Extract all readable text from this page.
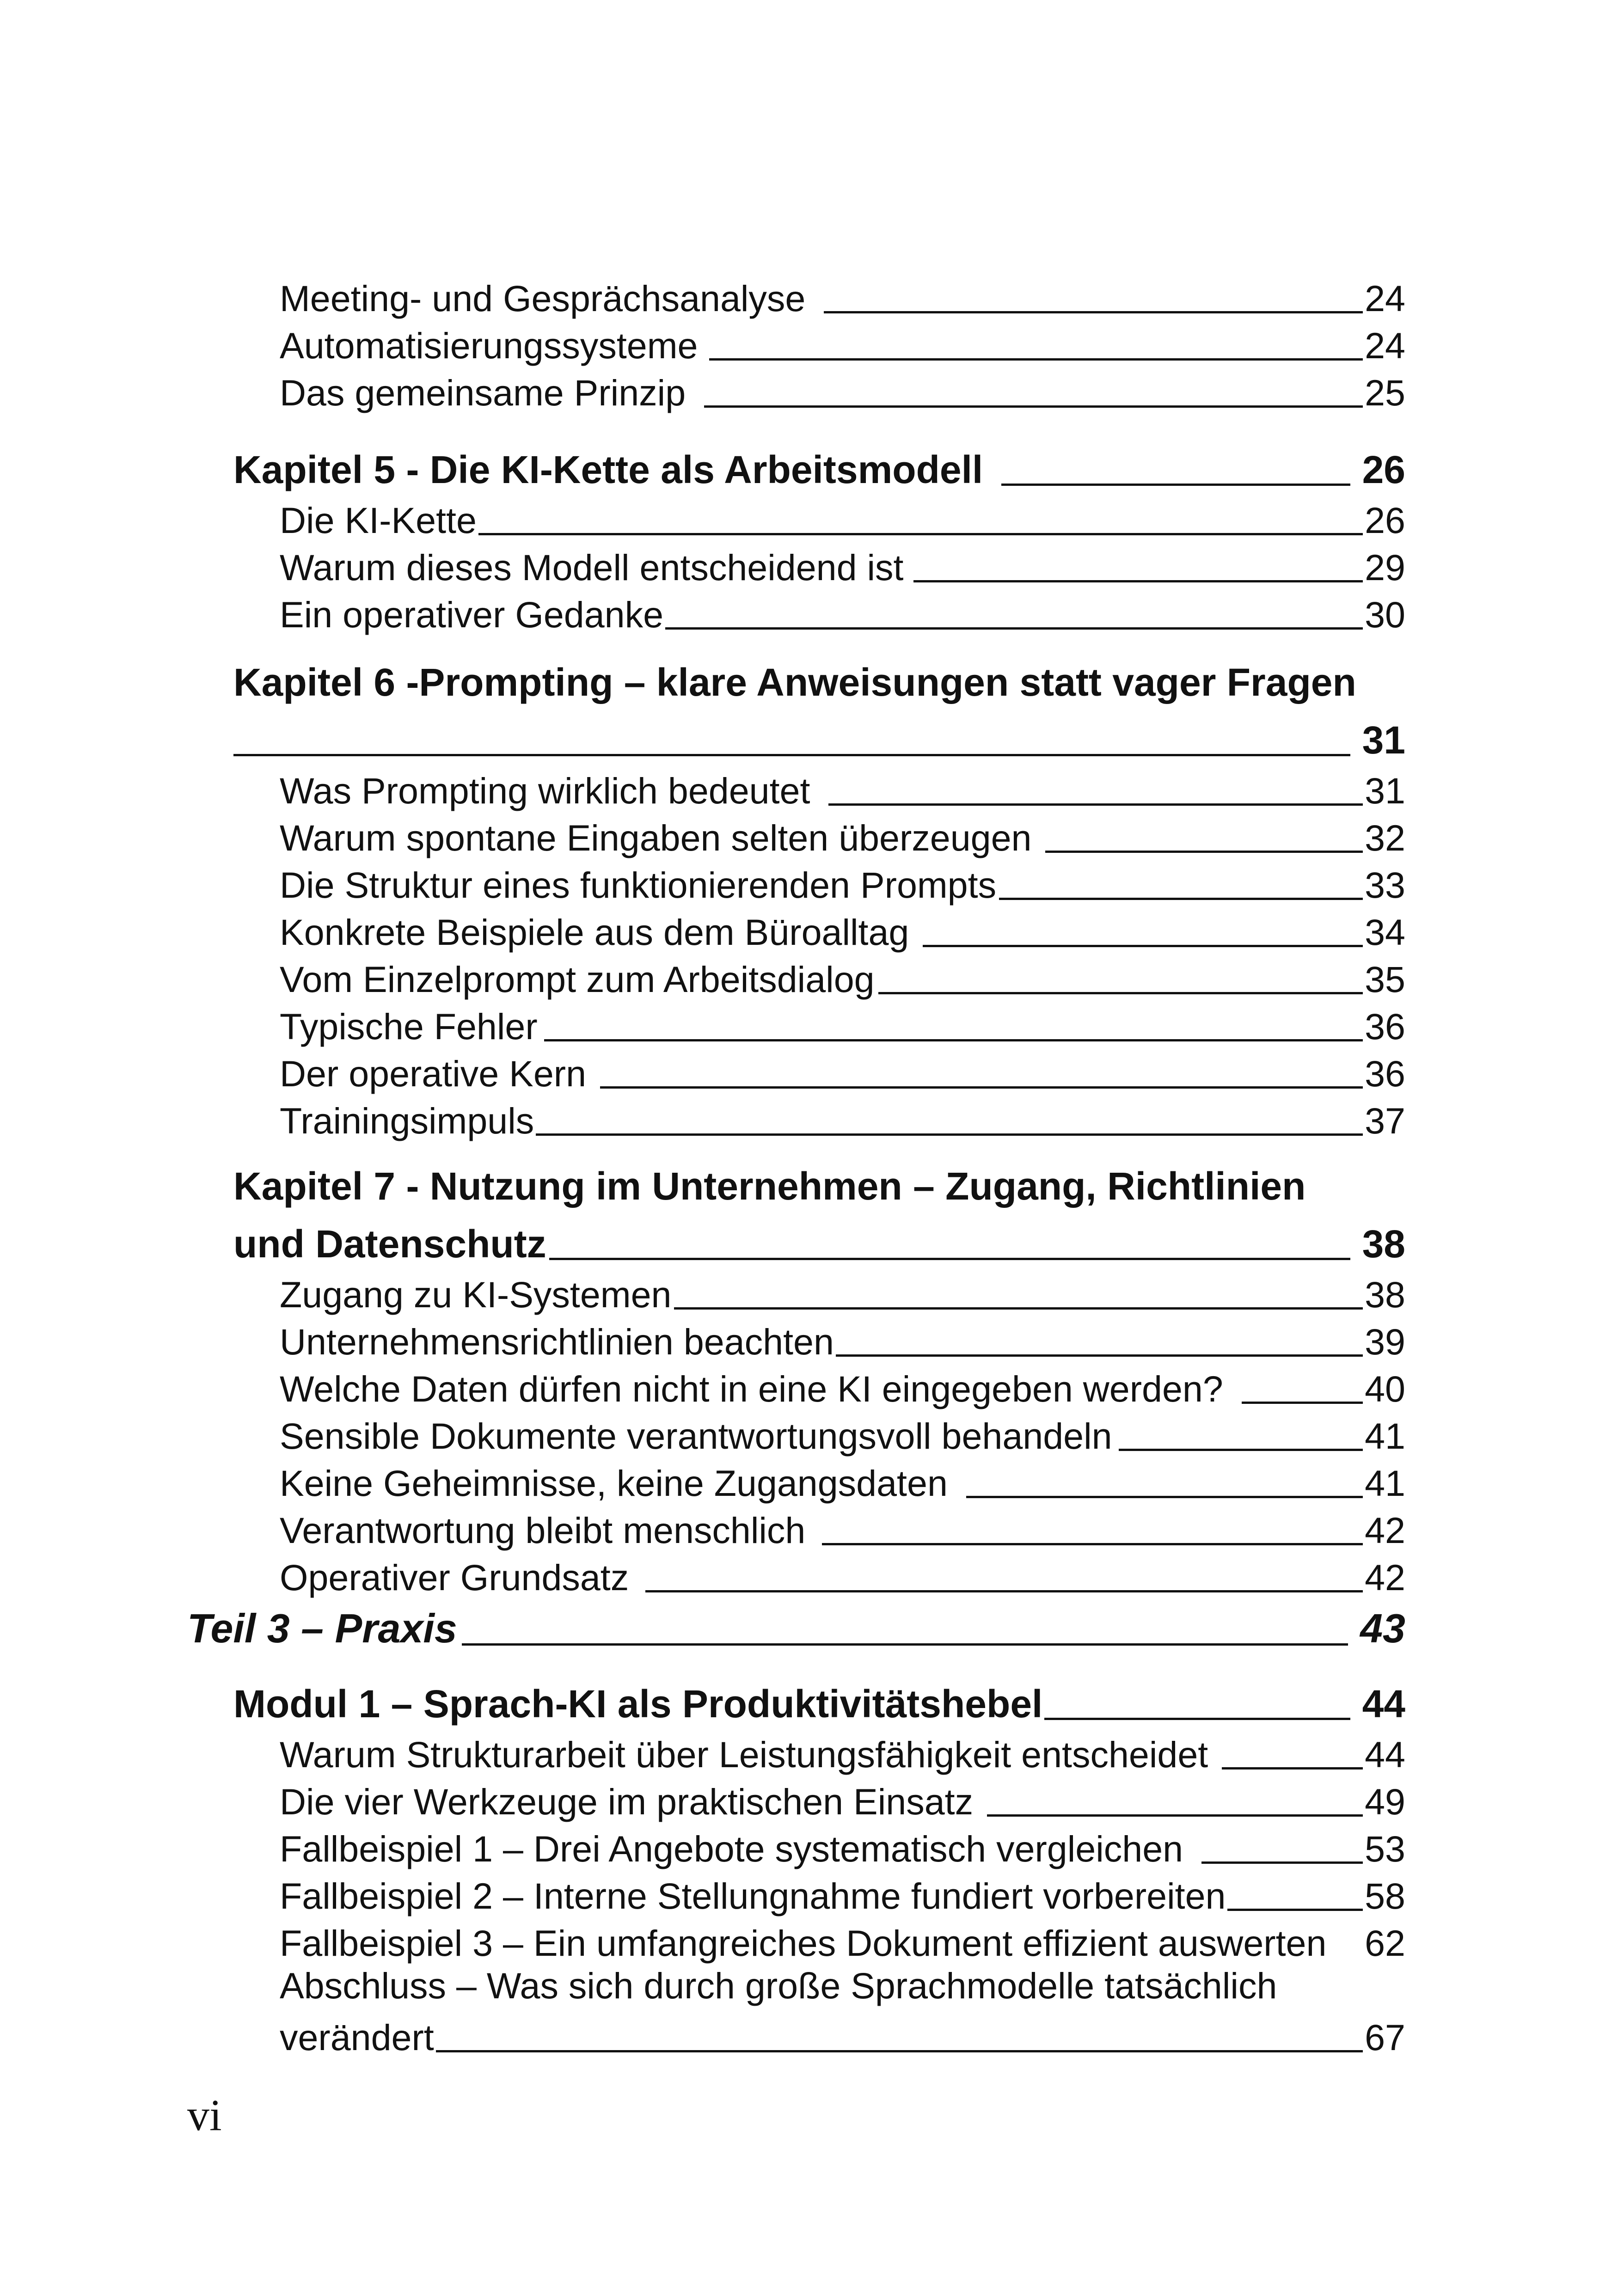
Meeting- und Gesprächsanalyse	24
Automatisierungssysteme	24
Das gemeinsame Prinzip	25
Kapitel 5 - Die KI-Kette als Arbeitsmodell	26
Die KI-Kette	26
Warum dieses Modell entscheidend ist	29
Ein operativer Gedanke	30
Kapitel 6 -Prompting – klare Anweisungen statt vager Fragen
31
Was Prompting wirklich bedeutet	31
Warum spontane Eingaben selten überzeugen	32
Die Struktur eines funktionierenden Prompts	33
Konkrete Beispiele aus dem Büroalltag	34
Vom Einzelprompt zum Arbeitsdialog	35
Typische Fehler	36
Der operative Kern	36
Trainingsimpuls	37
Kapitel 7 - Nutzung im Unternehmen – Zugang, Richtlinien
und Datenschutz	38
Zugang zu KI-Systemen	38
Unternehmensrichtlinien beachten	39
Welche Daten dürfen nicht in eine KI eingegeben werden?	40
Sensible Dokumente verantwortungsvoll behandeln	41
Keine Geheimnisse, keine Zugangsdaten	41
Verantwortung bleibt menschlich	42
Operativer Grundsatz	42
Teil 3 – Praxis	43
Modul 1 – Sprach-KI als Produktivitätshebel	44
Warum Strukturarbeit über Leistungsfähigkeit entscheidet	44
Die vier Werkzeuge im praktischen Einsatz	49
Fallbeispiel 1 – Drei Angebote systematisch vergleichen	53
Fallbeispiel 2 – Interne Stellungnahme fundiert vorbereiten	58
Fallbeispiel 3 – Ein umfangreiches Dokument effizient auswerten 62
Abschluss – Was sich durch große Sprachmodelle tatsächlich
verändert	67
vi
